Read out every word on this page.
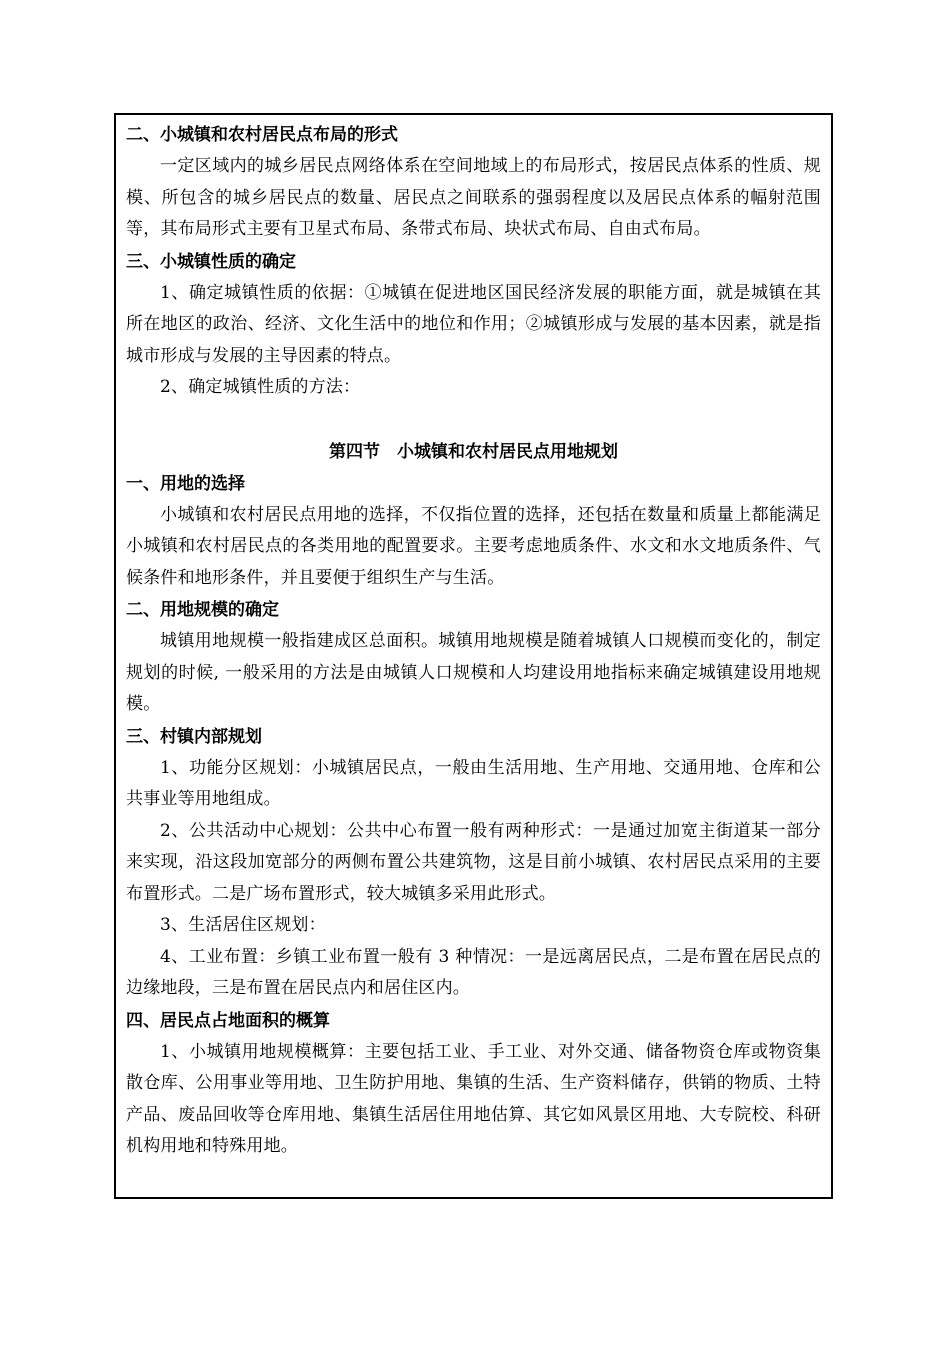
二、小城镇和农村居民点布局的形式

一定区域内的城乡居民点网络体系在空间地域上的布局形式，按居民点体系的性质、规模、所包含的城乡居民点的数量、居民点之间联系的强弱程度以及居民点体系的幅射范围等，其布局形式主要有卫星式布局、条带式布局、块状式布局、自由式布局。

三、小城镇性质的确定

1、确定城镇性质的依据：①城镇在促进地区国民经济发展的职能方面，就是城镇在其所在地区的政治、经济、文化生活中的地位和作用；②城镇形成与发展的基本因素，就是指城市形成与发展的主导因素的特点。

2、确定城镇性质的方法：

第四节　小城镇和农村居民点用地规划

一、用地的选择

小城镇和农村居民点用地的选择，不仅指位置的选择，还包括在数量和质量上都能满足小城镇和农村居民点的各类用地的配置要求。主要考虑地质条件、水文和水文地质条件、气候条件和地形条件，并且要便于组织生产与生活。

二、用地规模的确定

城镇用地规模一般指建成区总面积。城镇用地规模是随着城镇人口规模而变化的，制定规划的时候, 一般采用的方法是由城镇人口规模和人均建设用地指标来确定城镇建设用地规模。

三、村镇内部规划

1、功能分区规划：小城镇居民点，一般由生活用地、生产用地、交通用地、仓库和公共事业等用地组成。

2、公共活动中心规划：公共中心布置一般有两种形式：一是通过加宽主街道某一部分来实现，沿这段加宽部分的两侧布置公共建筑物，这是目前小城镇、农村居民点采用的主要布置形式。二是广场布置形式，较大城镇多采用此形式。

3、生活居住区规划：

4、工业布置：乡镇工业布置一般有 3 种情况：一是远离居民点，二是布置在居民点的边缘地段，三是布置在居民点内和居住区内。

四、居民点占地面积的概算

1、小城镇用地规模概算：主要包括工业、手工业、对外交通、储备物资仓库或物资集散仓库、公用事业等用地、卫生防护用地、集镇的生活、生产资料储存，供销的物质、土特产品、废品回收等仓库用地、集镇生活居住用地估算、其它如风景区用地、大专院校、科研机构用地和特殊用地。
